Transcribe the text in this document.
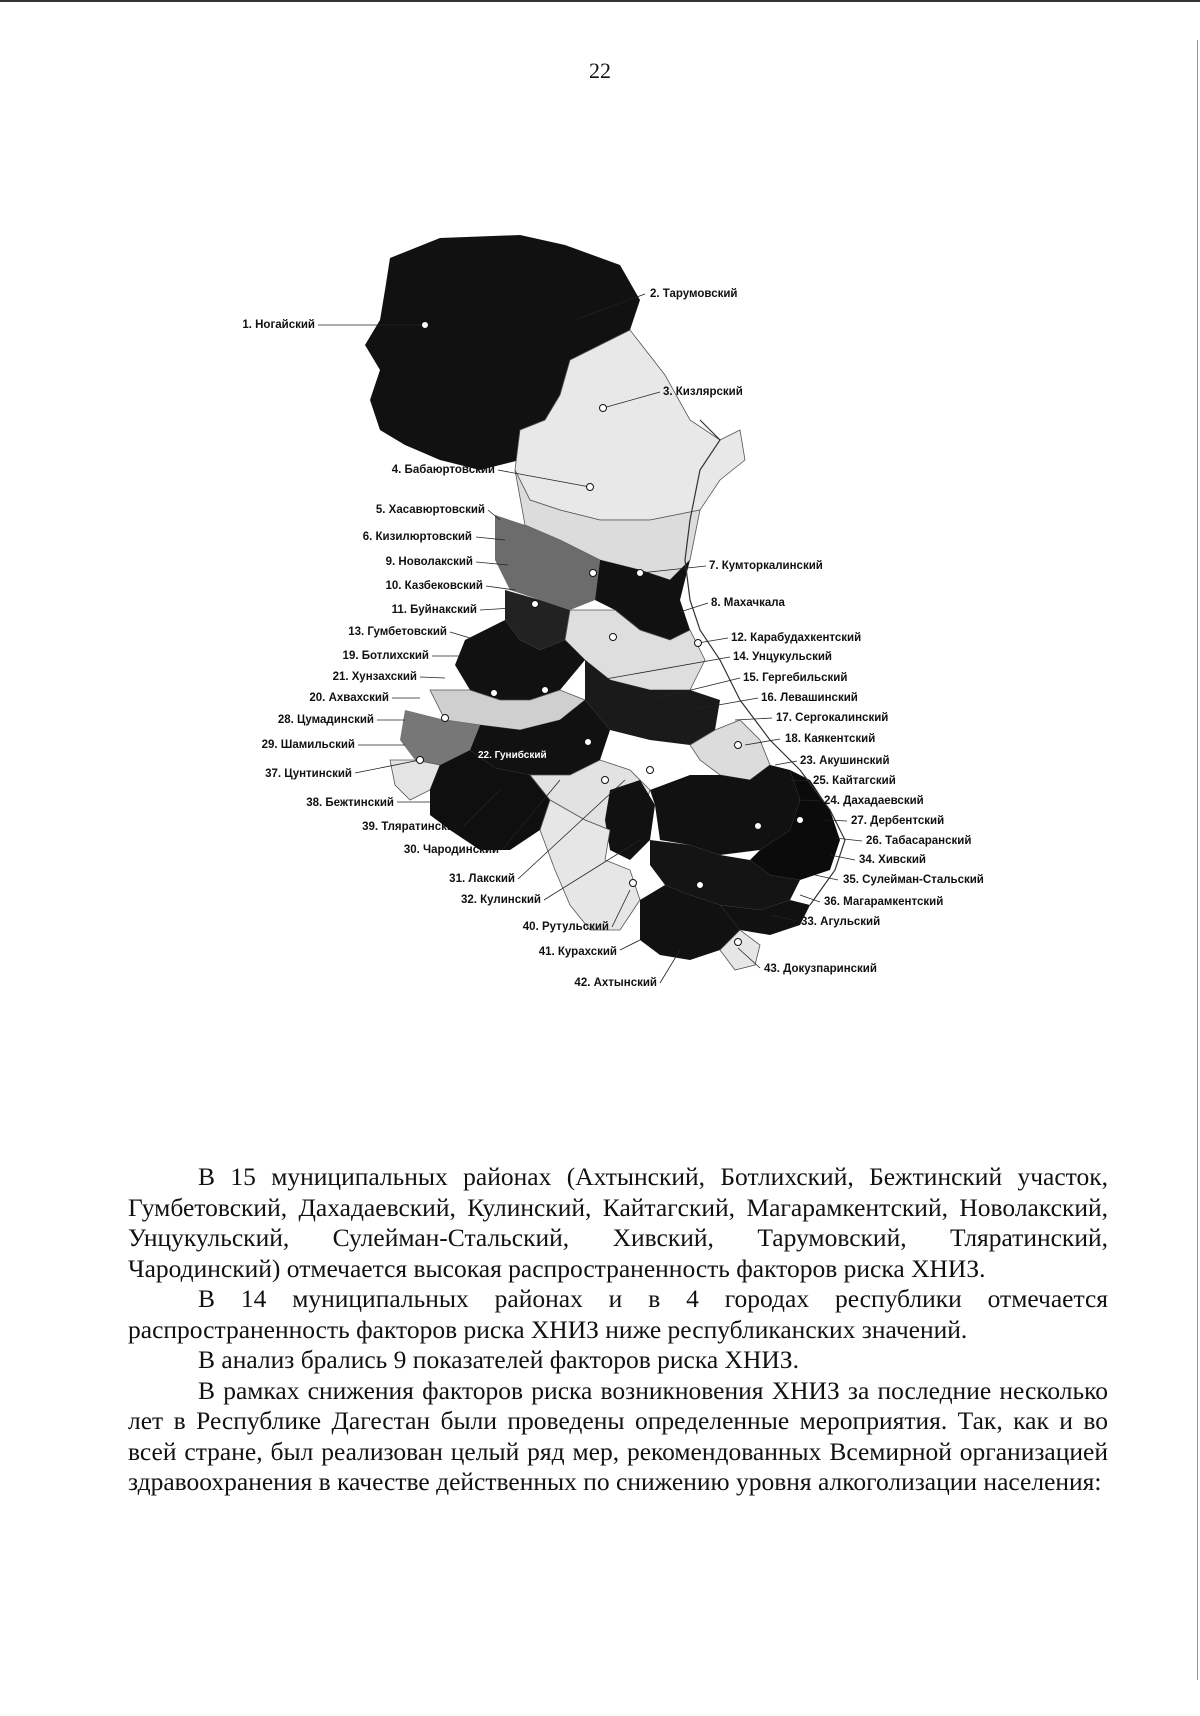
22
1. Ногайский
2. Тарумовский
3. Кизлярский
4. Бабаюртовский
5. Хасавюртовский
6. Кизилюртовский
9. Новолакский	7. Кумторкалинский
10. Казбековский
8. Махачкала
11. Буйнакский
13. Гумбетовский	12. Карабудахкентский
19. Ботлихский	14. Унцукульский
21. Хунзахский	15. Гергебильский
20. Ахвахский	16. Левашинский
28. Цумадинский	17. Сергокалинский
29. Шамильский	18. Каякентский
37. Цунтинский
23. Акушинский
25. Кайтагский
38. Бежтинский	24. Дахадаевский
27. Дербентский
39. Тляратинский
26. Табасаранский
30. Чародинский
34. Хивский
31. Лакский	35. Сулейман-Стальский
32. Кулинский	36. Магарамкентский
40. Рутульский	33. Агульский
41. Курахский
43. Докузпаринский
42. Ахтынский
22. Гунибский

В 15 муниципальных районах (Ахтынский, Ботлихский, Бежтинский участок, Гумбетовский, Дахадаевский, Кулинский, Кайтагский, Магарамкентский, Новолакский, Унцукульский, Сулейман-Стальский, Хивский, Тарумовский, Тляратинский, Чародинский) отмечается высокая распространенность факторов риска ХНИЗ.

В 14 муниципальных районах и в 4 городах республики отмечается распространенность факторов риска ХНИЗ ниже республиканских значений.

В анализ брались 9 показателей факторов риска ХНИЗ.

В рамках снижения факторов риска возникновения ХНИЗ за последние несколько лет в Республике Дагестан были проведены определенные мероприятия. Так, как и во всей стране, был реализован целый ряд мер, рекомендованных Всемирной организацией здравоохранения в качестве действенных по снижению уровня алкоголизации населения:
